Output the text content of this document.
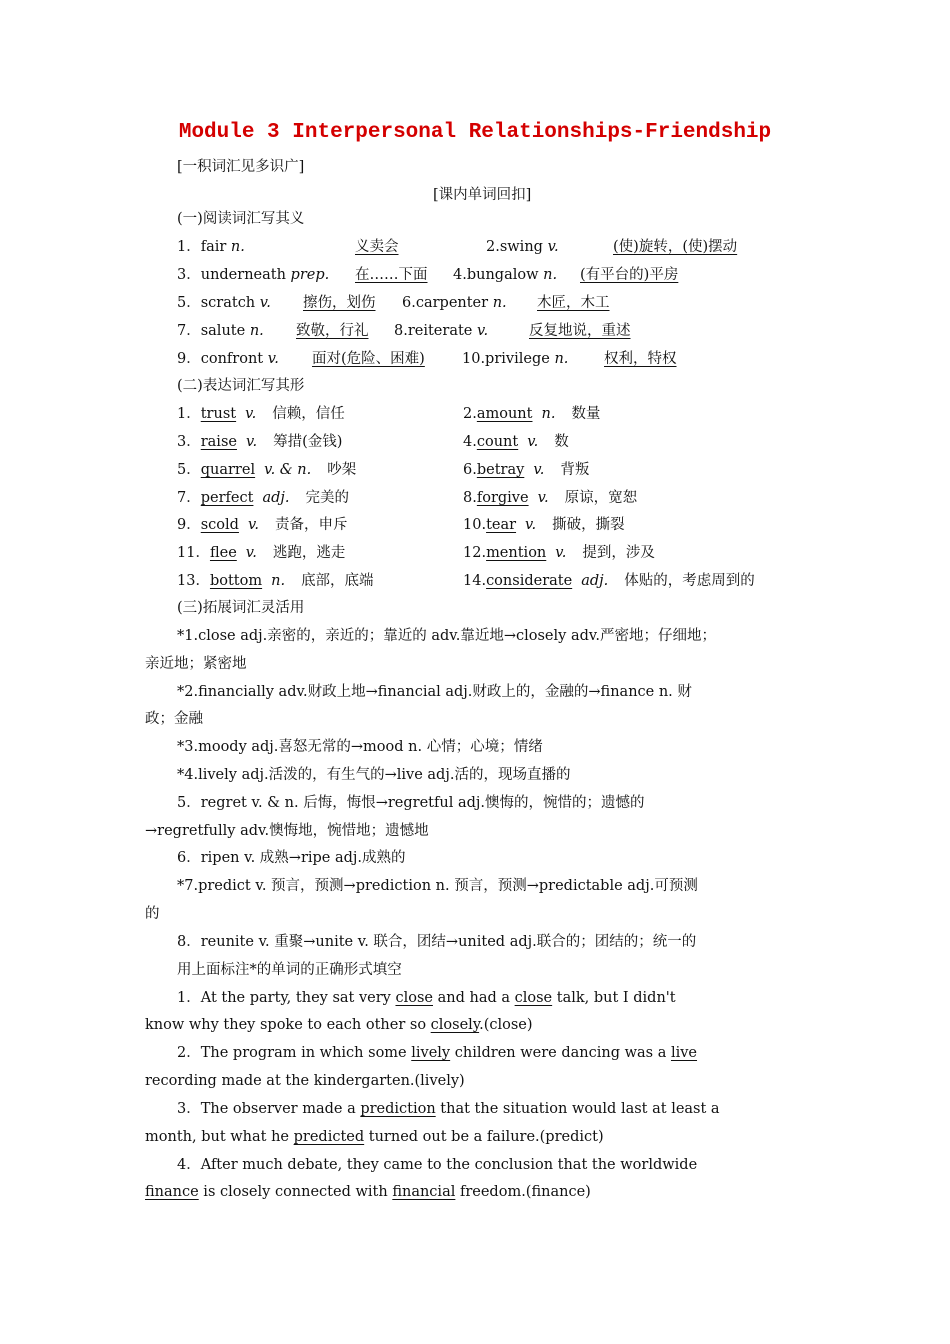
Module 3 Interpersonal Relationships-Friendship
[一积词汇见多识广]
[课内单词回扣]
(一)阅读词汇写其义
1．fair n.	义卖会	2.swing v.	(使)旋转，(使)摆动
3．underneath prep. 在……下面 4.bungalow n. (有平台的)平房
5．scratch v. 擦伤，划伤 6.carpenter n. 木匠，木工
7．salute n. 致敬，行礼 8.reiterate v.	反复地说，重述
9．confront v. 面对(危险、困难)	10.privilege n. 权利，特权
(二)表达词汇写其形
1．trust v. 信赖，信任	2.amount n. 数量
3．raise v. 筹措(金钱)	4.count v. 数
5．quarrel v. & n. 吵架	6.betray v. 背叛
7．perfect adj. 完美的	8.forgive v. 原谅，宽恕
9．scold v. 责备，申斥	10.tear v. 撕破，撕裂
11．flee v. 逃跑，逃走	12.mention v. 提到，涉及
13．bottom n. 底部，底端	14.considerate adj. 体贴的，考虑周到的
(三)拓展词汇灵活用
*1.close adj.亲密的，亲近的；靠近的 adv.靠近地→closely adv.严密地；仔细地；
亲近地；紧密地
*2.financially adv.财政上地→financial adj.财政上的，金融的→finance n. 财
政；金融
*3.moody adj.喜怒无常的→mood n. 心情；心境；情绪
*4.lively adj.活泼的，有生气的→live adj.活的，现场直播的
5．regret v. & n. 后悔，悔恨→regretful adj.懊悔的，惋惜的；遗憾的
→regretfully adv.懊悔地，惋惜地；遗憾地
6．ripen v. 成熟→ripe adj.成熟的
*7.predict v. 预言，预测→prediction n. 预言，预测→predictable adj.可预测
的
8．reunite v. 重聚→unite v. 联合，团结→united adj.联合的；团结的；统一的
用上面标注*的单词的正确形式填空
1．At the party, they sat very close and had a close talk, but I didn't
know why they spoke to each other so closely.(close)
2．The program in which some lively children were dancing was a live
recording made at the kindergarten.(lively)
3．The observer made a prediction that the situation would last at least a
month, but what he predicted turned out be a failure.(predict)
4．After much debate, they came to the conclusion that the worldwide
finance is closely connected with financial freedom.(finance)
